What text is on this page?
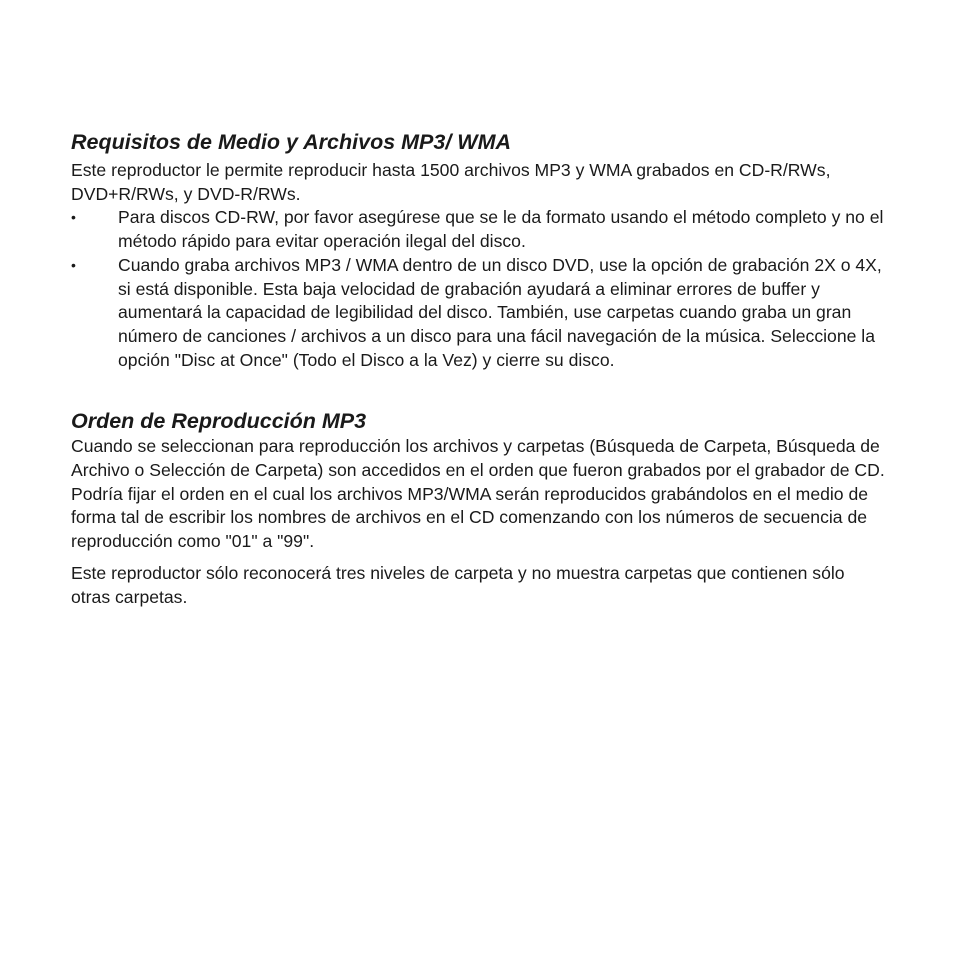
Requisitos de Medio y Archivos MP3/ WMA

Este reproductor le permite reproducir hasta 1500 archivos MP3 y WMA grabados en CD-R/RWs, DVD+R/RWs, y DVD-R/RWs.

• Para discos CD-RW, por favor asegúrese que se le da formato usando el método completo y no el método rápido para evitar operación ilegal del disco.
• Cuando graba archivos MP3 / WMA dentro de un disco DVD, use la opción de grabación 2X o 4X, si está disponible. Esta baja velocidad de grabación ayudará a eliminar errores de buffer y aumentará la capacidad de legibilidad del disco. También, use carpetas cuando graba un gran número de canciones / archivos a un disco para una fácil navegación de la música. Seleccione la opción "Disc at Once" (Todo el Disco a la Vez) y cierre su disco.
Orden de Reproducción MP3

Cuando se seleccionan para reproducción los archivos y carpetas (Búsqueda de Carpeta, Búsqueda de Archivo o Selección de Carpeta) son accedidos en el orden que fueron grabados por el grabador de CD. Podría fijar el orden en el cual los archivos MP3/WMA serán reproducidos grabándolos en el medio de forma tal de escribir los nombres de archivos en el CD comenzando con los números de secuencia de reproducción como "01" a "99".

Este reproductor sólo reconocerá tres niveles de carpeta y no muestra carpetas que contienen sólo otras carpetas.
